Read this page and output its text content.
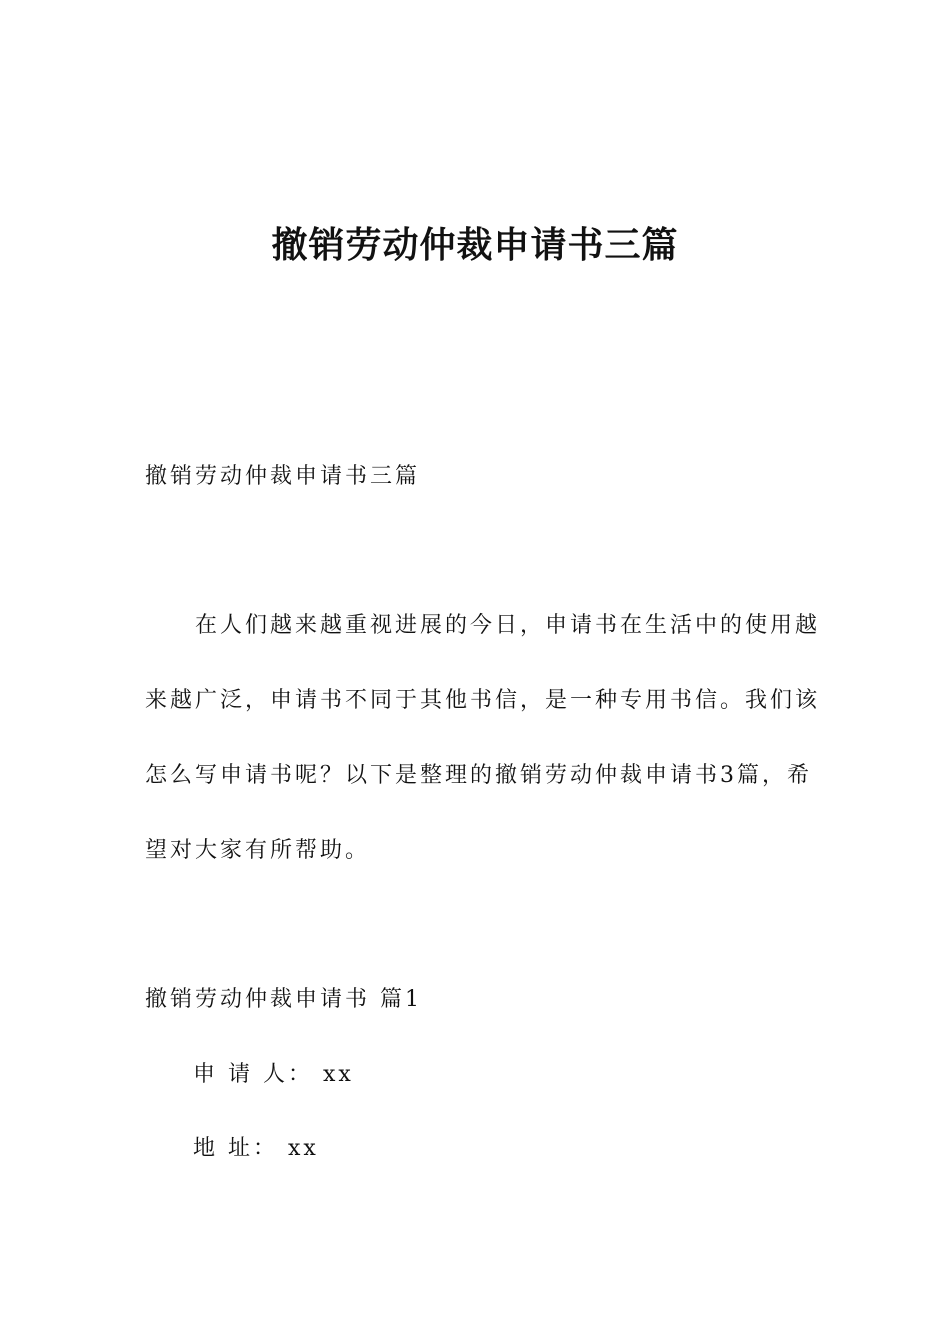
撤销劳动仲裁申请书三篇

撤销劳动仲裁申请书三篇

　　在人们越来越重视进展的今日，申请书在生活中的使用越

来越广泛，申请书不同于其他书信，是一种专用书信。我们该

怎么写申请书呢？以下是整理的撤销劳动仲裁申请书3篇，希

望对大家有所帮助。

撤销劳动仲裁申请书 篇1

申 请 人： xx

地 址： xx
